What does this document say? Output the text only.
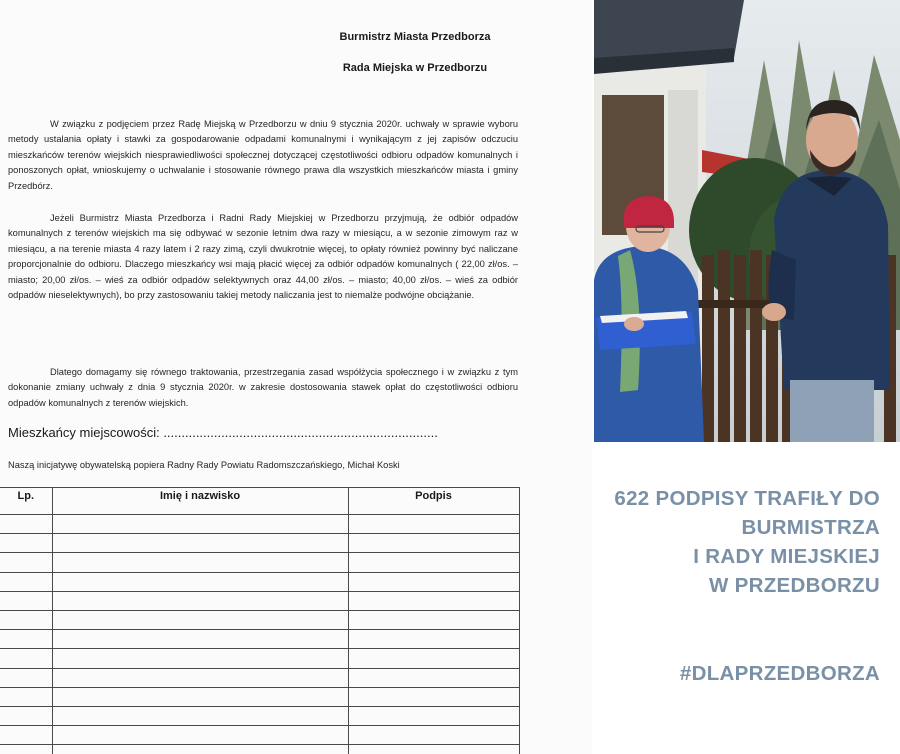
Burmistrz Miasta Przedborza
Rada Miejska w Przedborzu

W związku z podjęciem przez Radę Miejską w Przedborzu w dniu 9 stycznia 2020r. uchwały w sprawie wyboru metody ustalania opłaty i stawki za gospodarowanie odpadami komunalnymi i wynikającym z jej zapisów odczuciu mieszkańców terenów wiejskich niesprawiedliwości społecznej dotyczącej częstotliwości odbioru odpadów komunalnych i ponoszonych opłat, wnioskujemy o uchwalanie i stosowanie równego prawa dla wszystkich mieszkańców miasta i gminy Przedbórz.

Jeżeli Burmistrz Miasta Przedborza i Radni Rady Miejskiej w Przedborzu przyjmują, że odbiór odpadów komunalnych z terenów wiejskich ma się odbywać w sezonie letnim dwa razy w miesiącu, a w sezonie zimowym raz w miesiącu, a na terenie miasta 4 razy latem i 2 razy zimą, czyli dwukrotnie więcej, to opłaty również powinny być naliczane proporcjonalnie do odbioru. Dlaczego mieszkańcy wsi mają płacić więcej za odbiór odpadów komunalnych ( 22,00 zł/os. – miasto; 20,00 zł/os. – wieś za odbiór odpadów selektywnych oraz 44,00 zł/os. – miasto; 40,00 zł/os. – wieś za odbiór odpadów nieselektywnych), bo przy zastosowaniu takiej metody naliczania jest to niemalże podwójne obciążanie.

Dlatego domagamy się równego traktowania, przestrzegania zasad współżycia społecznego i w związku z tym dokonanie zmiany uchwały z dnia 9 stycznia 2020r. w zakresie dostosowania stawek opłat do częstotliwości odbioru odpadów komunalnych z terenów wiejskich.

Mieszkańcy miejscowości: ............................................................................
Naszą inicjatywę obywatelską popiera Radny Rady Powiatu Radomszczańskiego, Michał Koski
Lp.	Imię i nazwisko	Podpis

			622 PODPISY TRAFIŁY DO
BURMISTRZA
I RADY MIEJSKIEJ
W PRZEDBORZU
#DLAPRZEDBORZA
